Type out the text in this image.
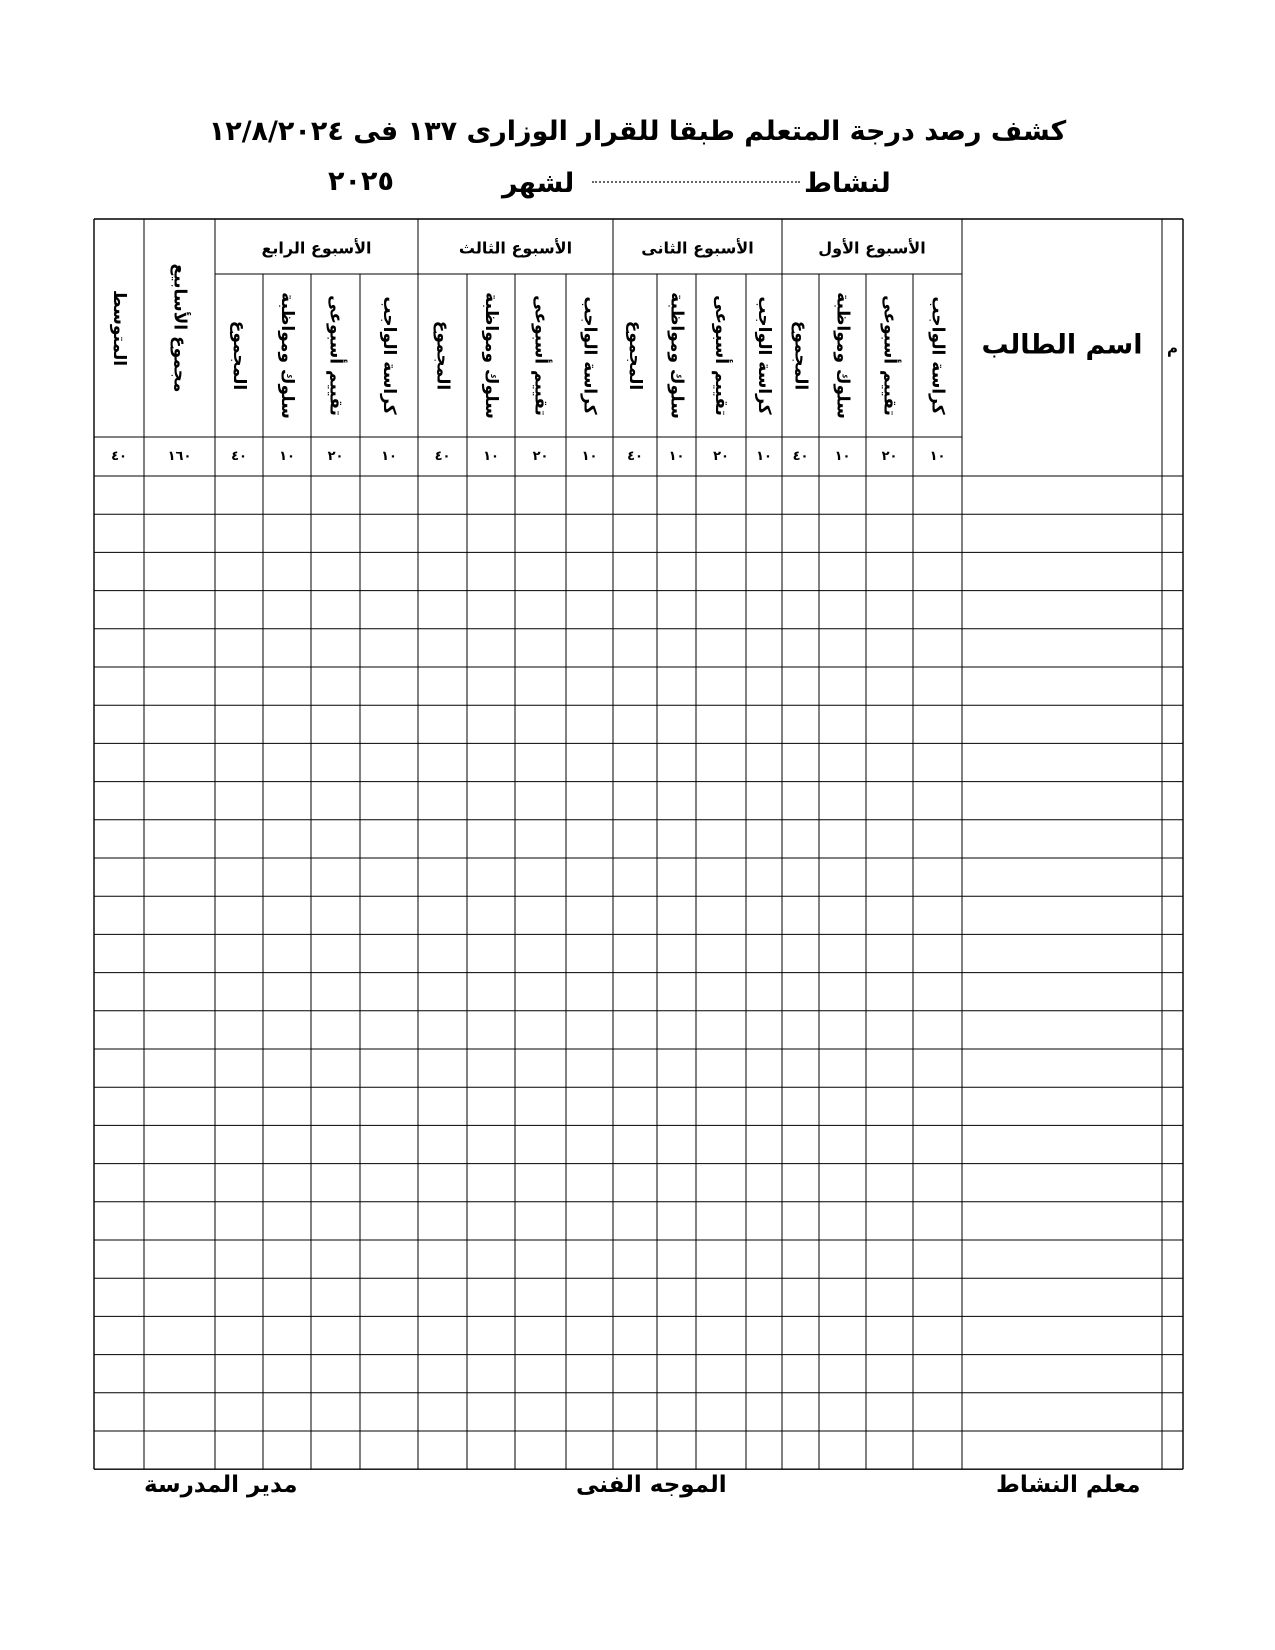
كشف رصد درجة المتعلم طبقا للقرار الوزارى ١٣٧ فى ١٢/٨/٢٠٢٤
لنشاط
لشهر
٢٠٢٥
م
اسم الطالب
الأسبوع الأول
كراسة الواجب
١٠
تقييم أسبوعى
٢٠
سلوك ومواظبة
١٠
المجموع
٤٠
الأسبوع الثانى
كراسة الواجب
١٠
تقييم أسبوعى
٢٠
سلوك ومواظبة
١٠
المجموع
٤٠
الأسبوع الثالث
كراسة الواجب
١٠
تقييم أسبوعى
٢٠
سلوك ومواظبة
١٠
المجموع
٤٠
الأسبوع الرابع
كراسة الواجب
١٠
تقييم أسبوعى
٢٠
سلوك ومواظبة
١٠
المجموع
٤٠
مجموع الأسابيع
١٦٠
المتوسط
٤٠
معلم النشاط
الموجه الفنى
مدير المدرسة
